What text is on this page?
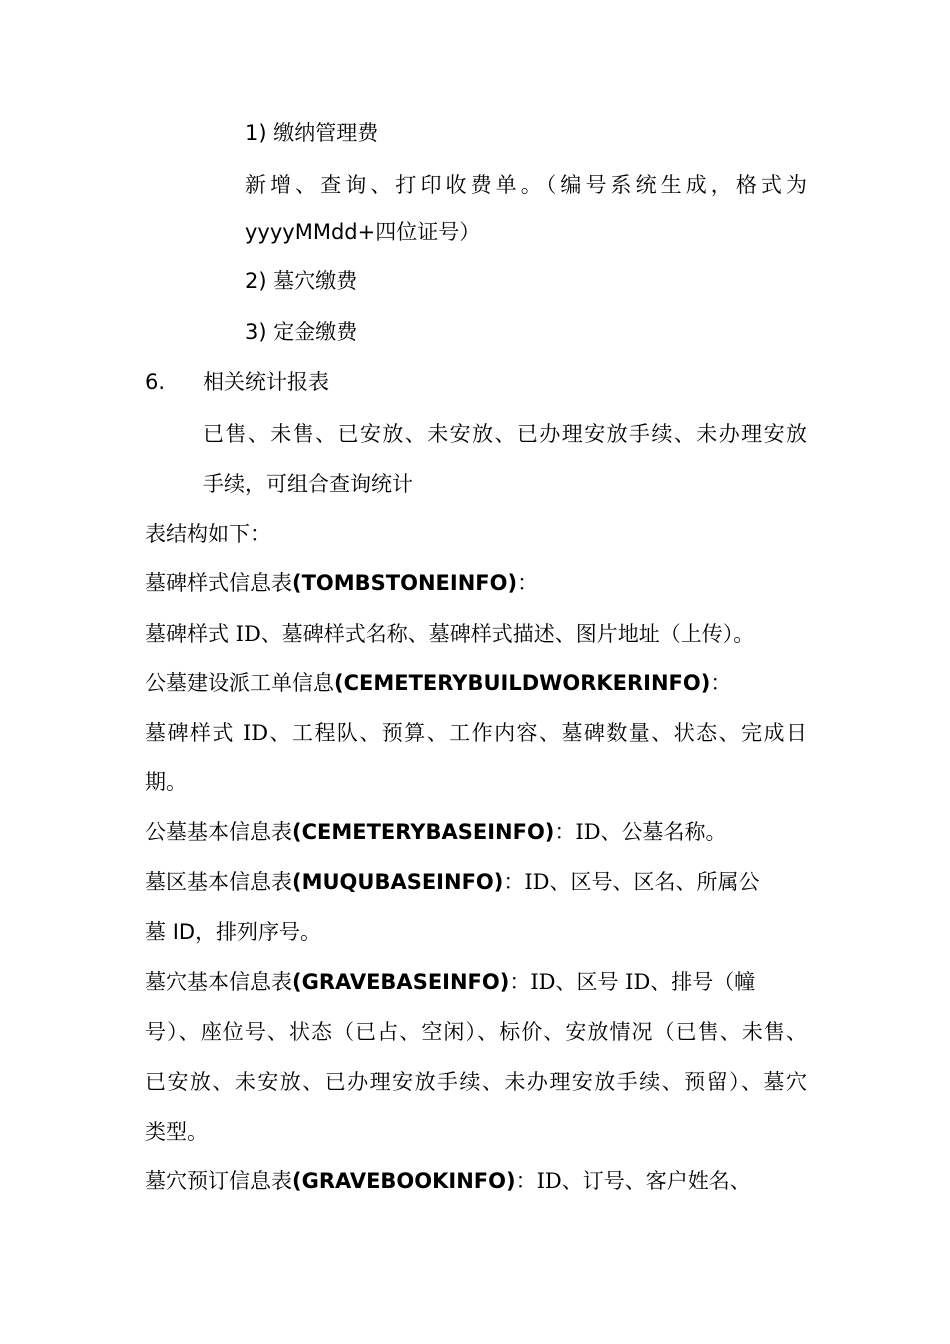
1) 缴纳管理费
新增、查询、打印收费单。（编号系统生成，格式为
yyyyMMdd+四位证号）
2) 墓穴缴费
3) 定金缴费
6. 相关统计报表
已售、未售、已安放、未安放、已办理安放手续、未办理安放
手续，可组合查询统计
表结构如下：
墓碑样式信息表(TOMBSTONEINFO)：
墓碑样式 ID、墓碑样式名称、墓碑样式描述、图片地址（上传）。
公墓建设派工单信息(CEMETERYBUILDWORKERINFO)：
墓碑样式 ID、工程队、预算、工作内容、墓碑数量、状态、完成日
期。
公墓基本信息表(CEMETERYBASEINFO)：ID、公墓名称。
墓区基本信息表(MUQUBASEINFO)：ID、区号、区名、所属公
墓 ID，排列序号。
墓穴基本信息表(GRAVEBASEINFO)：ID、区号 ID、排号（幢
号）、座位号、状态（已占、空闲）、标价、安放情况（已售、未售、
已安放、未安放、已办理安放手续、未办理安放手续、预留）、墓穴
类型。
墓穴预订信息表(GRAVEBOOKINFO)：ID、订号、客户姓名、
